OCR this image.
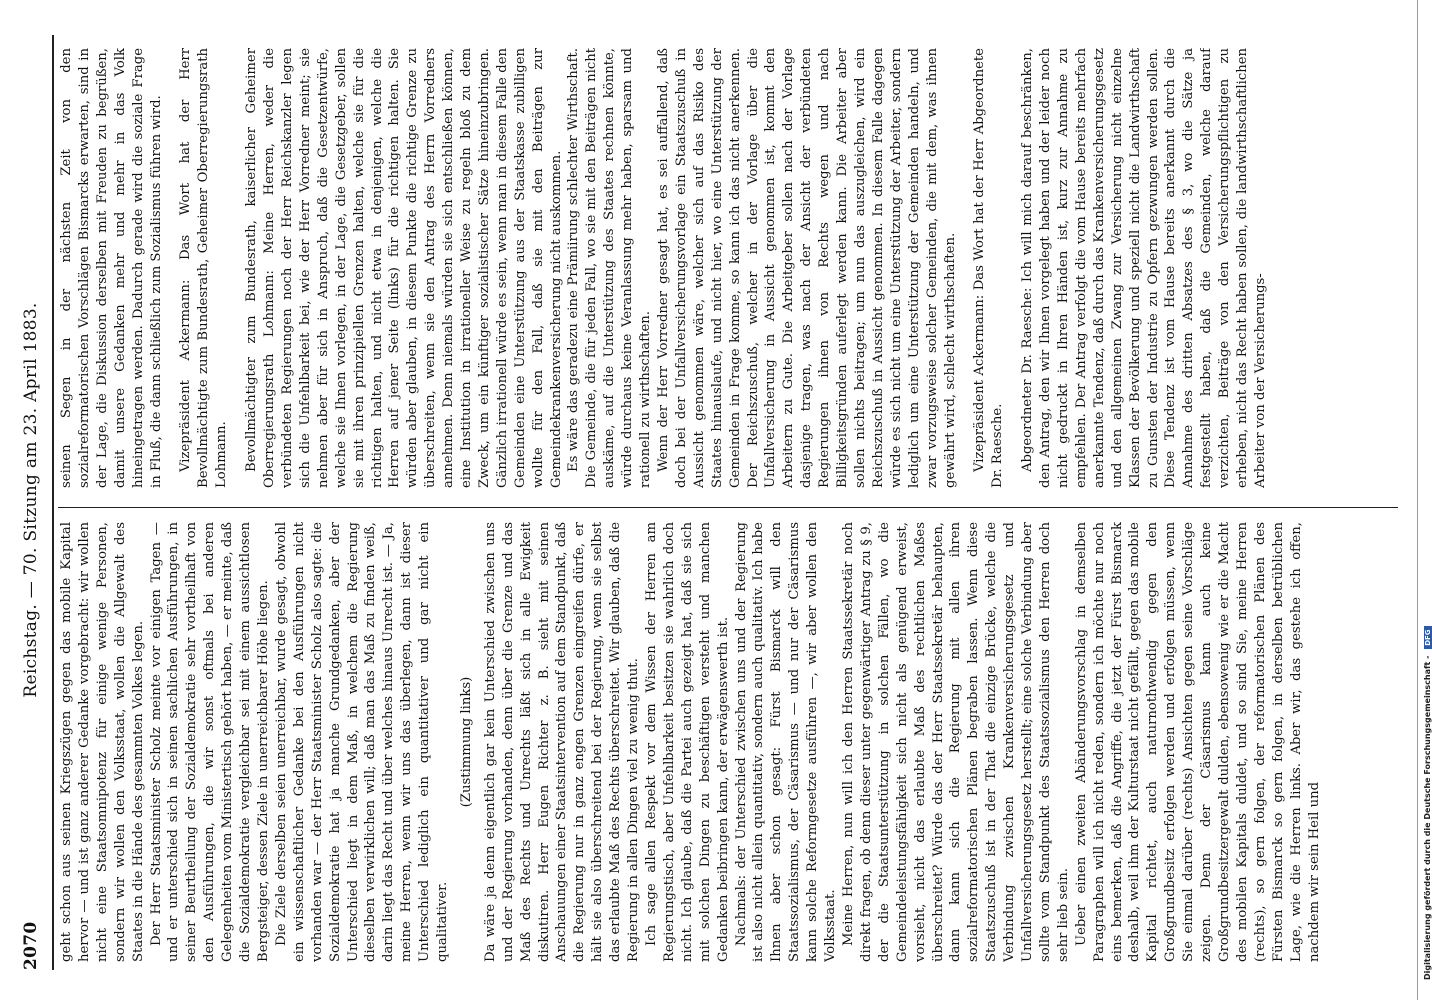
2070
Reichstag. — 70. Sitzung am 23. April 1883.

geht schon aus seinen Kriegszügen gegen das mobile Kapital hervor — und ist ganz anderer Gedanke vorgebracht: wir wollen nicht eine Staatsomnipotenz für einige wenige Personen, sondern wir wollen den Volksstaat, wollen die Allgewalt des Staates in die Hände des gesammten Volkes legen. Der Herr Staatsminister Scholz meinte vor einigen Tagen — und er unterschied sich in seinen sachlichen Ausführungen, in seiner Beurtheilung der Sozialdemokratie sehr vortheilhaft von den Ausführungen, die wir sonst oftmals bei anderen Gelegenheiten vom Ministertisch gehört haben, — er meinte, daß die Sozialdemokratie vergleichbar sei mit einem aussichtlosen Bergsteiger, dessen Ziele in unerreichbarer Höhe liegen. Die Ziele derselben seien unerreichbar, wurde gesagt, obwohl ein wissenschaftlicher Gedanke bei den Ausführungen nicht vorhanden war — der Herr Staatsminister Scholz also sagte: die Sozialdemokratie hat ja manche Grundgedanken, aber der Unterschied liegt in dem Maß, in welchem die Regierung dieselben verwirklichen will; daß man das Maß zu finden weiß, darin liegt das Recht und über welches hinaus Unrecht ist. — Ja, meine Herren, wenn wir uns das überlegen, dann ist dieser Unterschied lediglich ein quantitativer und gar nicht ein qualitativer.

(Zustimmung links) Da wäre ja denn eigentlich gar kein Unterschied zwischen uns und der Regierung vorhanden, denn über die Grenze und das Maß des Rechts und Unrechts läßt sich in alle Ewigkeit diskutiren. Herr Eugen Richter z. B. sieht mit seinen Anschauungen einer Staatsintervention auf dem Standpunkt, daß die Regierung nur in ganz engen Grenzen eingreifen dürfe, er hält sie also überschreitend bei der Regierung, wenn sie selbst das erlaubte Maß des Rechts überschreitet. Wir glauben, daß die Regierung in allen Dingen viel zu wenig thut. Ich sage allen Respekt vor dem Wissen der Herren am Regierungstisch, aber Unfehlbarkeit besitzen sie wahrlich doch nicht. Ich glaube, daß die Partei auch gezeigt hat, daß sie sich mit solchen Dingen zu beschäftigen versteht und manchen Gedanken beibringen kann, der erwägenswerth ist. Nachmals: der Unterschied zwischen uns und der Regierung ist also nicht allein quantitativ, sondern auch qualitativ. Ich habe Ihnen aber schon gesagt: Fürst Bismarck will den Staatssozialismus, der Cäsarismus — und nur der Cäsarismus kann solche Reformgesetze ausführen —, wir aber wollen den Volksstaat. Meine Herren, nun will ich den Herren Staatssekretär noch direkt fragen, ob denn dieser unter gegenwärtiger Antrag zu § 9, der die Staatsunterstützung in solchen Fällen, wo die Gemeindeleistungsfähigkeit sich nicht als genügend erweist, vorsieht, nicht das erlaubte Maß des rechtlichen Maßes überschreitet? Würde das der Herr Staatssekretär behaupten, dann kann sich die Regierung mit allen ihren sozialreformatorischen Plänen begraben lassen. Wenn diese Staatszuschuß ist in der That die einzige Brücke, welche die Verbindung zwischen Krankenversicherungsgesetz und Unfallversicherungsgesetz herstellt; eine solche Verbindung aber sollte vom Standpunkt des Staatssozialismus den Herren doch sehr lieb sein. Ueber einen zweiten Abänderungsvorschlag in demselben Paragraphen will ich nicht reden, sondern ich möchte nur noch eins bemerken, daß die Angriffe, die jetzt der Fürst Bismarck deshalb, weil ihm der Kulturstaat nicht gefällt, gegen das mobile Kapital richtet, auch naturnothwendig gegen den Großgrundbesitz erfolgen werden und erfolgen müssen, wenn Sie einmal darüber (rechts) Ansichten gegen seine Vorschläge zeigen. Denn der Cäsarismus kann auch keine Großgrundbesitzergewalt dulden, ebensowenig wie er die Macht des mobilen Kapitals duldet, und so sind Sie, meine Herren (rechts), so gern folgen, der reformatorischen Plänen des Fürsten Bismarck so gern folgen, in derselben betrüblichen Lage, wie die Herren links. Aber wir, das gestehe ich offen, nachdem wir sein Heil und

seinen Segen in der nächsten Zeit von den sozialreformatorischen Vorschlägen Bismarcks erwarten, sind in der Lage, die Diskussion derselben mit Freuden zu begrüßen, damit unsere Gedanken mehr und mehr in das Volk hineingetragen werden. Dadurch gerade wird die soziale Frage in Fluß, die dann schließlich zum Sozialismus führen wird. Vizepräsident Ackermann: Das Wort hat der Herr Bevollmächtigte zum Bundesrath, Geheimer Oberregierungsrath Lohmann. Bevollmächtigter zum Bundesrath, kaiserlicher Geheimer Oberregierungsrath Lohmann: Meine Herren, weder die verbündeten Regierungen noch der Herr Reichskanzler legen sich die Unfehlbarkeit bei, wie der Herr Vorredner meint; sie nehmen aber für sich in Anspruch, daß die Gesetzentwürfe, welche sie Ihnen vorlegen, in der Lage, die Gesetzgeber, sollen sie mit ihren prinzipiellen Grenzen halten, welche sie für die richtigen halten, und nicht etwa in denjenigen, welche die Herren auf jener Seite (links) für die richtigen halten. Sie würden aber glauben, in diesem Punkte die richtige Grenze zu überschreiten, wenn sie den Antrag des Herrn Vorredners annehmen. Denn niemals würden sie sich entschließen können, eine Institution in irrationeller Weise zu regeln bloß zu dem Zweck, um ein künftiger sozialistischer Sätze hineinzubringen. Gänzlich irrationell würde es sein, wenn man in diesem Falle den Gemeinden eine Unterstützung aus der Staatskasse zubilligen wollte für den Fall, daß sie mit den Beiträgen zur Gemeindekrankenversicherung nicht auskommen. Es wäre das geradezu eine Prämiirung schlechter Wirthschaft. Die Gemeinde, die für jeden Fall, wo sie mit den Beiträgen nicht auskäme, auf die Unterstützung des Staates rechnen könnte, würde durchaus keine Veranlassung mehr haben, sparsam und rationell zu wirthschaften. Wenn der Herr Vorredner gesagt hat, es sei auffallend, daß doch bei der Unfallversicherungsvorlage ein Staatszuschuß in Aussicht genommen wäre, welcher sich auf das Risiko des Staates hinauslaufe, und nicht hier, wo eine Unterstützung der Gemeinden in Frage komme, so kann ich das nicht anerkennen. Der Reichszuschuß, welcher in der Vorlage über die Unfallversicherung in Aussicht genommen ist, kommt den Arbeitern zu Gute. Die Arbeitgeber sollen nach der Vorlage dasjenige tragen, was nach der Ansicht der verbündeten Regierungen ihnen von Rechts wegen und nach Billigkeitsgründen auferlegt werden kann. Die Arbeiter aber sollen nichts beitragen; um nun das auszugleichen, wird ein Reichszuschuß in Aussicht genommen. In diesem Falle dagegen würde es sich nicht um eine Unterstützung der Arbeiter, sondern lediglich um eine Unterstützung der Gemeinden handeln, und zwar vorzugsweise solcher Gemeinden, die mit dem, was ihnen gewährt wird, schlecht wirthschaften. Vizepräsident Ackermann: Das Wort hat der Herr Abgeordnete Dr. Raesche. Abgeordneter Dr. Raesche: Ich will mich darauf beschränken, den Antrag, den wir Ihnen vorgelegt haben und der leider noch nicht gedruckt in Ihren Händen ist, kurz zur Annahme zu empfehlen. Der Antrag verfolgt die vom Hause bereits mehrfach anerkannte Tendenz, daß durch das Krankenversicherungsgesetz und den allgemeinen Zwang zur Versicherung nicht einzelne Klassen der Bevölkerung und speziell nicht die Landwirthschaft zu Gunsten der Industrie zu Opfern gezwungen werden sollen. Diese Tendenz ist vom Hause bereits anerkannt durch die Annahme des dritten Absatzes des § 3, wo die Sätze ja festgestellt haben, daß die Gemeinden, welche darauf verzichten, Beiträge von den Versicherungspflichtigen zu erheben, nicht das Recht haben sollen, die landwirthschaftlichen Arbeiter von der Versicherungs-

Digitalisierung gefördert durch die Deutsche Forschungsgemeinschaft - DFG
